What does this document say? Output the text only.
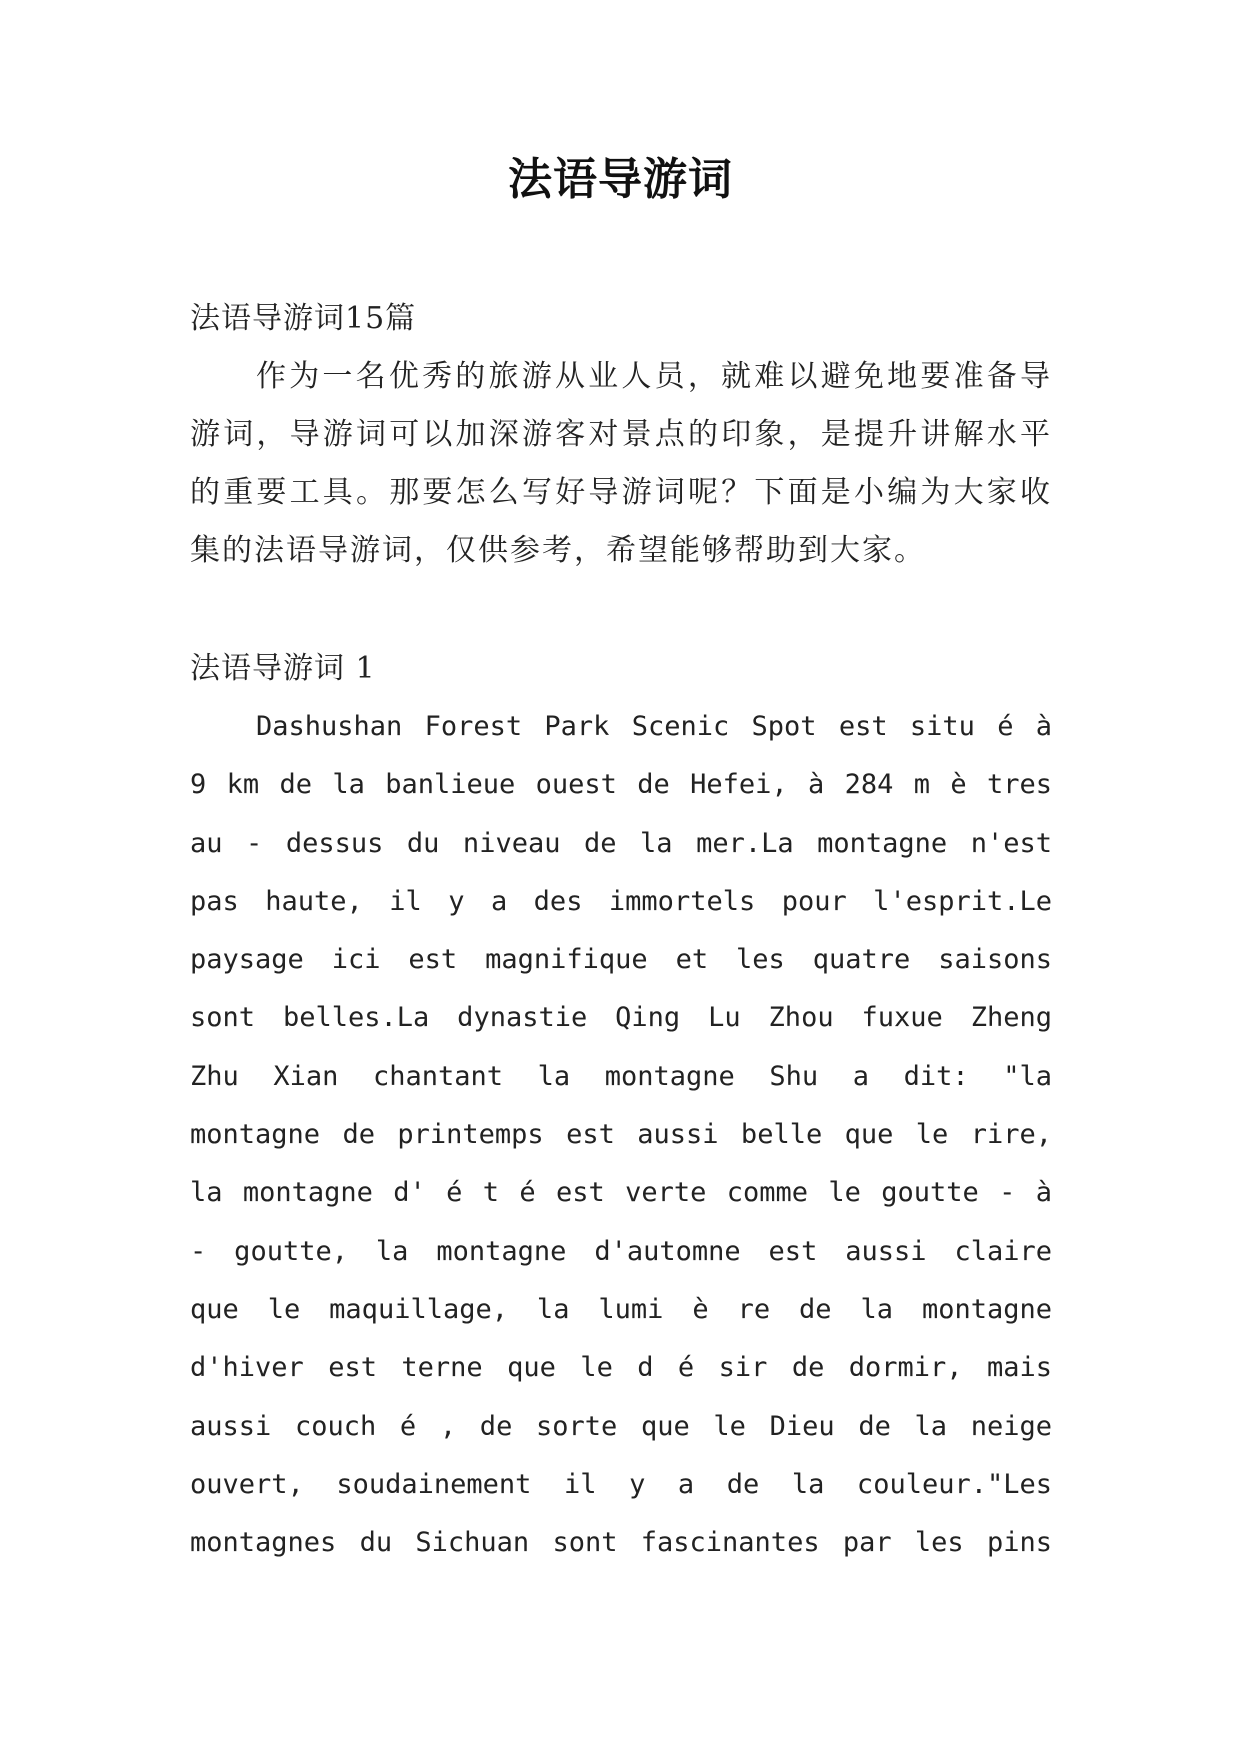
法语导游词
法语导游词15篇
作为一名优秀的旅游从业人员，就难以避免地要准备导
游词，导游词可以加深游客对景点的印象，是提升讲解水平
的重要工具。那要怎么写好导游词呢？下面是小编为大家收
集的法语导游词，仅供参考，希望能够帮助到大家。
法语导游词 1
Dashushan Forest Park Scenic Spot est situ é à
9 km de la banlieue ouest de Hefei, à 284 m è tres
au - dessus du niveau de la mer.La montagne n'est
pas haute, il y a des immortels pour l'esprit.Le
paysage ici est magnifique et les quatre saisons
sont belles.La dynastie Qing Lu Zhou fuxue Zheng
Zhu Xian chantant la montagne Shu a dit: "la
montagne de printemps est aussi belle que le rire,
la montagne d' é t é est verte comme le goutte - à
- goutte, la montagne d'automne est aussi claire
que le maquillage, la lumi è re de la montagne
d'hiver est terne que le d é sir de dormir, mais
aussi couch é , de sorte que le Dieu de la neige
ouvert, soudainement il y a de la couleur."Les
montagnes du Sichuan sont fascinantes par les pins
